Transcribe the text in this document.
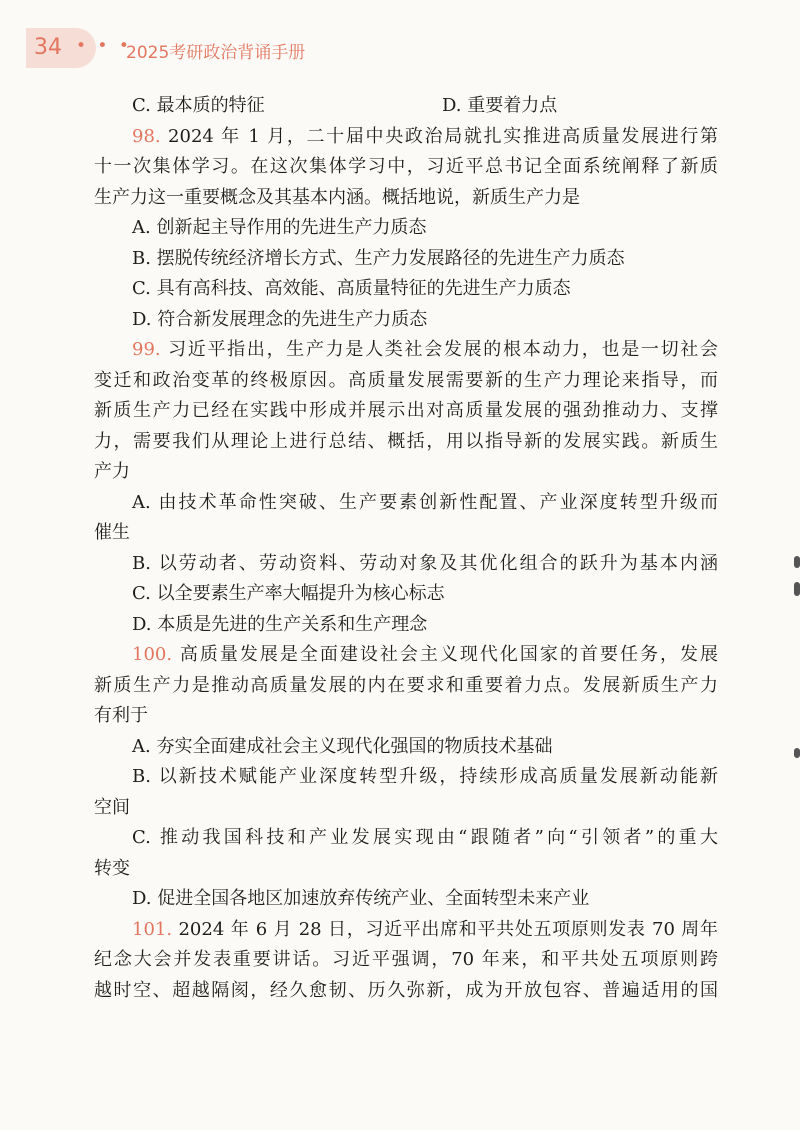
34 • • •
2025考研政治背诵手册
C. 最本质的特征	D. 重要着力点
98. 2024 年 1 月，二十届中央政治局就扎实推进高质量发展进行第
十一次集体学习。在这次集体学习中，习近平总书记全面系统阐释了新质
生产力这一重要概念及其基本内涵。概括地说，新质生产力是
A. 创新起主导作用的先进生产力质态
B. 摆脱传统经济增长方式、生产力发展路径的先进生产力质态
C. 具有高科技、高效能、高质量特征的先进生产力质态
D. 符合新发展理念的先进生产力质态
99. 习近平指出，生产力是人类社会发展的根本动力，也是一切社会
变迁和政治变革的终极原因。高质量发展需要新的生产力理论来指导，而
新质生产力已经在实践中形成并展示出对高质量发展的强劲推动力、支撑
力，需要我们从理论上进行总结、概括，用以指导新的发展实践。新质生
产力
A. 由技术革命性突破、生产要素创新性配置、产业深度转型升级而
催生
B. 以劳动者、劳动资料、劳动对象及其优化组合的跃升为基本内涵
C. 以全要素生产率大幅提升为核心标志
D. 本质是先进的生产关系和生产理念
100. 高质量发展是全面建设社会主义现代化国家的首要任务，发展
新质生产力是推动高质量发展的内在要求和重要着力点。发展新质生产力
有利于
A. 夯实全面建成社会主义现代化强国的物质技术基础
B. 以新技术赋能产业深度转型升级，持续形成高质量发展新动能新
空间
C. 推动我国科技和产业发展实现由“跟随者”向“引领者”的重大
转变
D. 促进全国各地区加速放弃传统产业、全面转型未来产业
101. 2024 年 6 月 28 日，习近平出席和平共处五项原则发表 70 周年
纪念大会并发表重要讲话。习近平强调，70 年来，和平共处五项原则跨
越时空、超越隔阂，经久愈韧、历久弥新，成为开放包容、普遍适用的国
